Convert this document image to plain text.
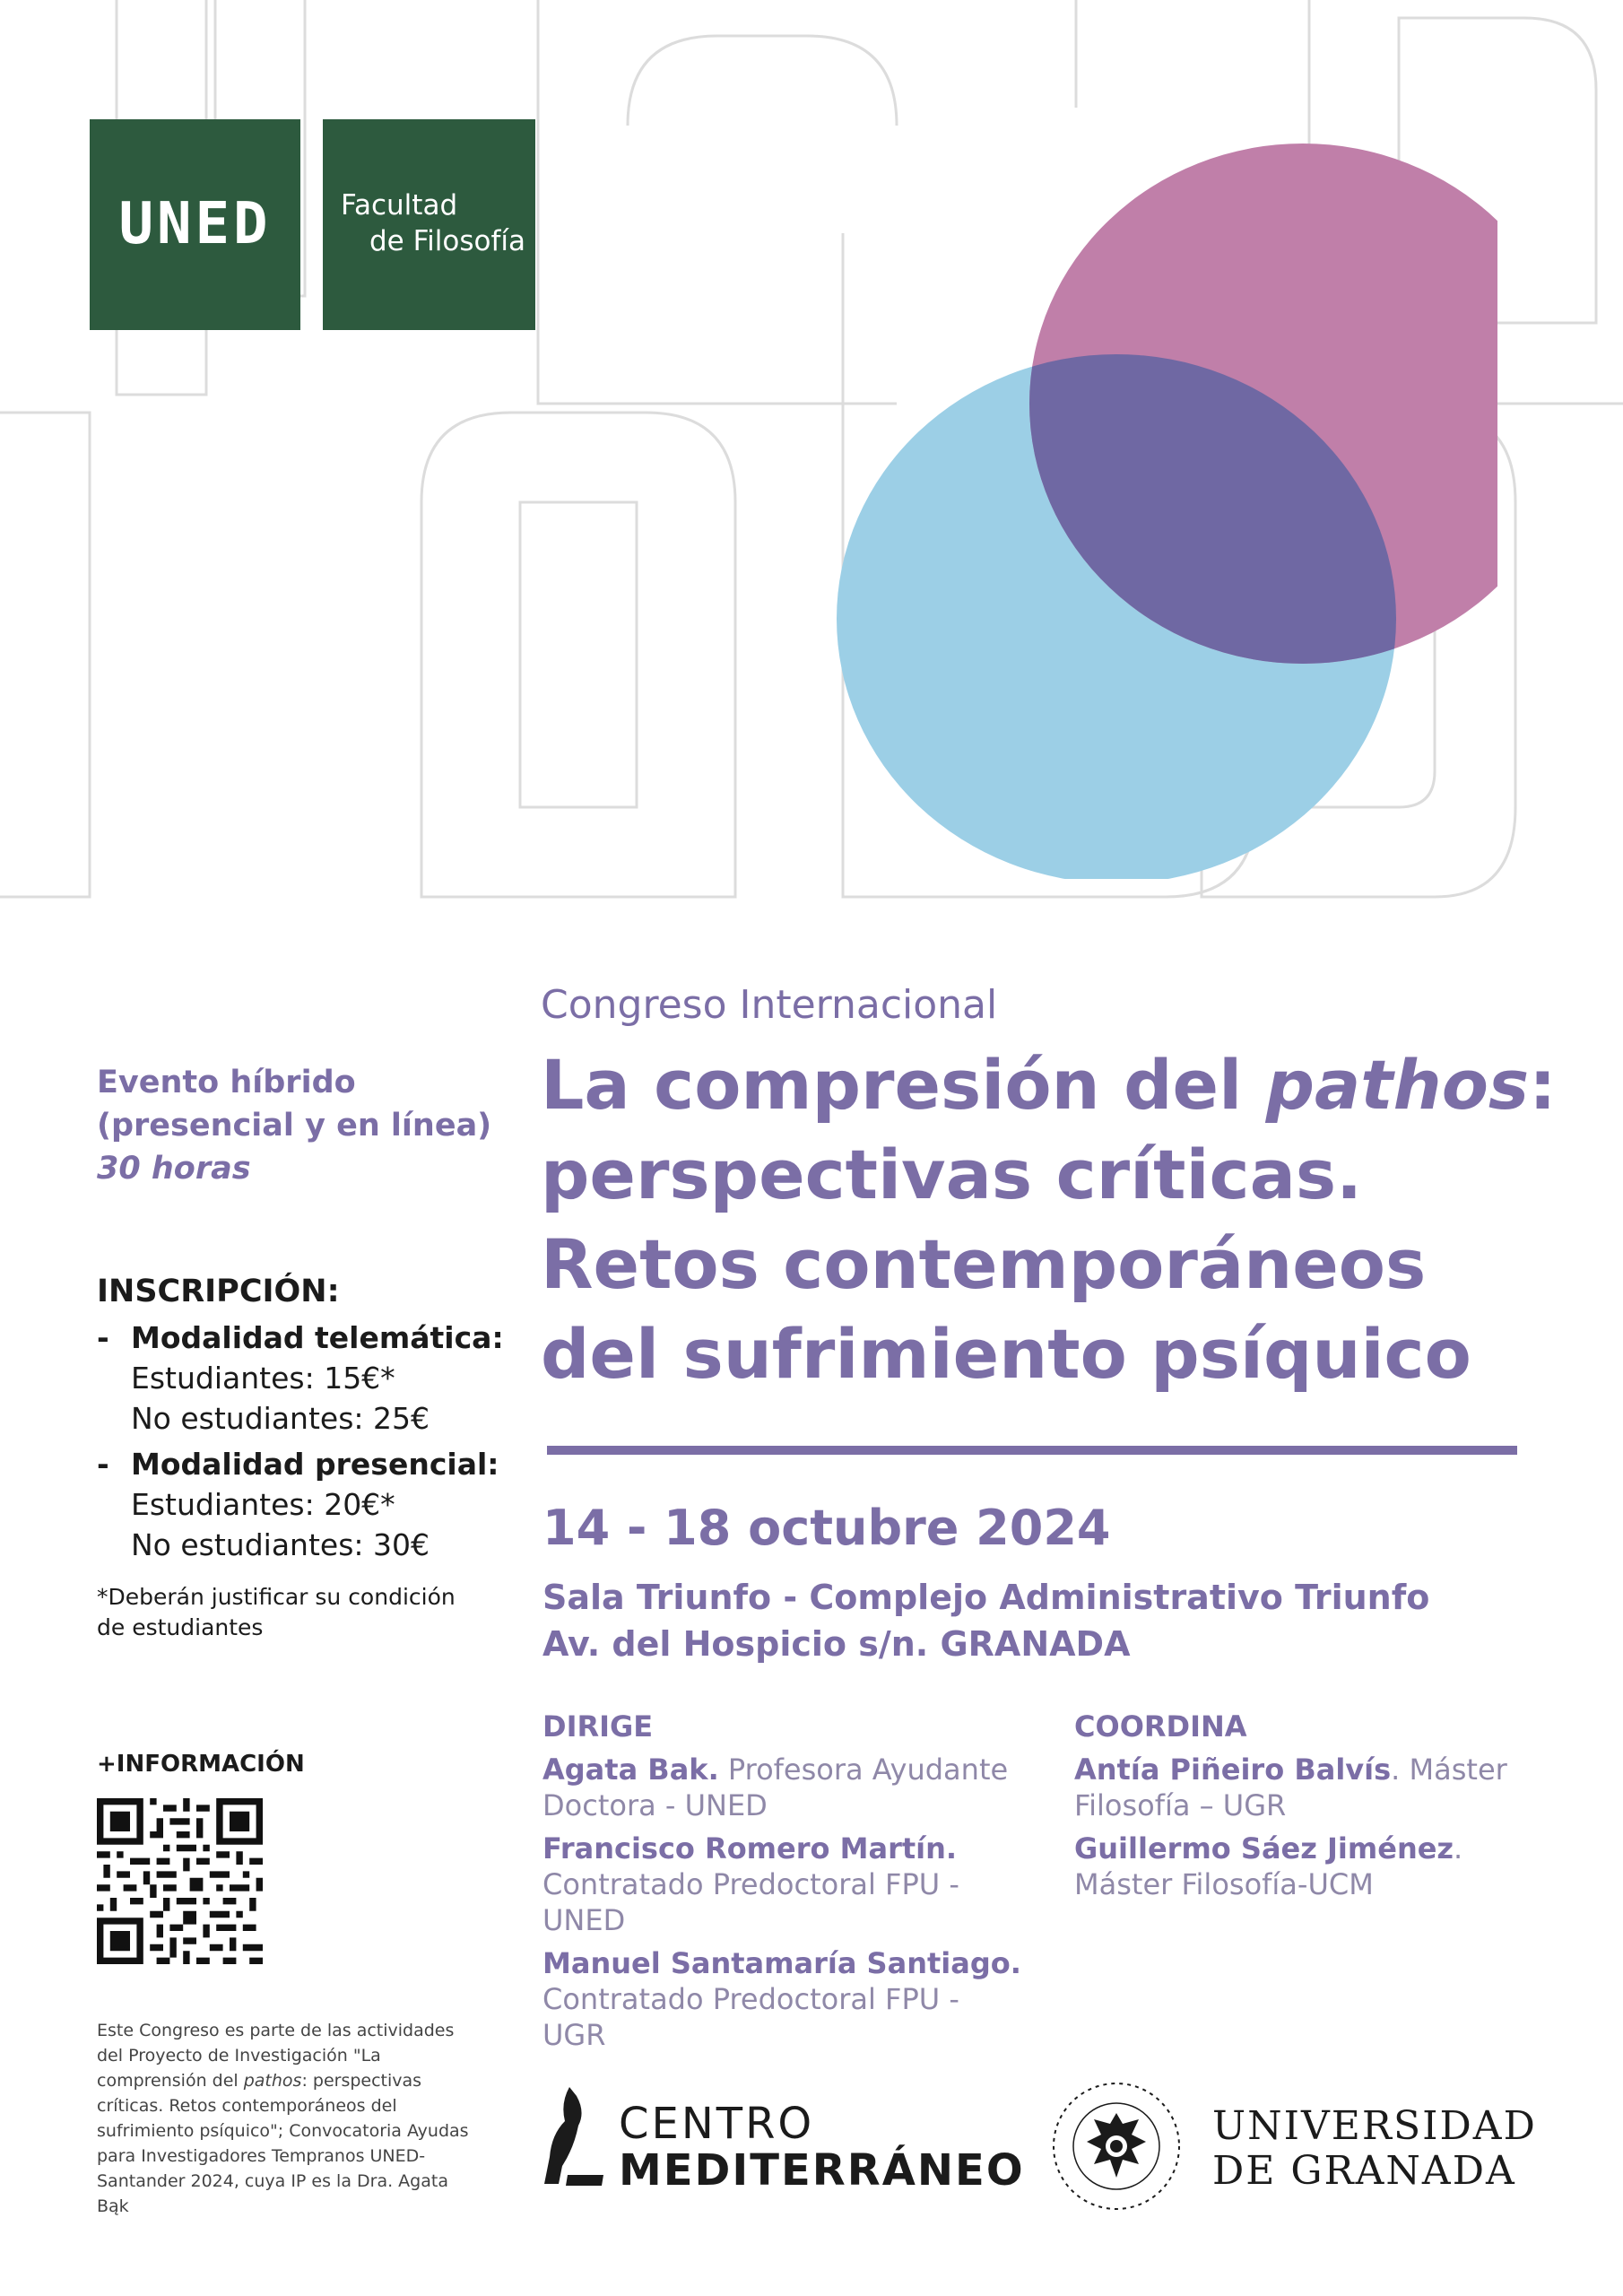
UNED	Facultad
de Filosofía
Congreso Internacional
La compresión del pathos:
perspectivas críticas.
Retos contemporáneos
del sufrimiento psíquico
14 - 18 octubre 2024
Sala Triunfo - Complejo Administrativo Triunfo
Av. del Hospicio s/n. GRANADA
Evento híbrido
(presencial y en línea)
30 horas
INSCRIPCIÓN:
- Modalidad telemática:
Estudiantes: 15€*
No estudiantes: 25€
- Modalidad presencial:
Estudiantes: 20€*
No estudiantes: 30€
*Deberán justificar su condición
de estudiantes
+INFORMACIÓN
Este Congreso es parte de las actividades del Proyecto de Investigación "La comprensión del pathos: perspectivas críticas. Retos contemporáneos del sufrimiento psíquico"; Convocatoria Ayudas para Investigadores Tempranos UNED-Santander 2024, cuya IP es la Dra. Agata Bąk
DIRIGE
Agata Bak. Profesora Ayudante Doctora - UNED
Francisco Romero Martín. Contratado Predoctoral FPU - UNED
Manuel Santamaría Santiago. Contratado Predoctoral FPU - UGR
COORDINA
Antía Piñeiro Balvís. Máster Filosofía – UGR
Guillermo Sáez Jiménez. Máster Filosofía-UCM
CENTRO
MEDITERRÁNEO
UNIVERSIDAD
DE GRANADA
